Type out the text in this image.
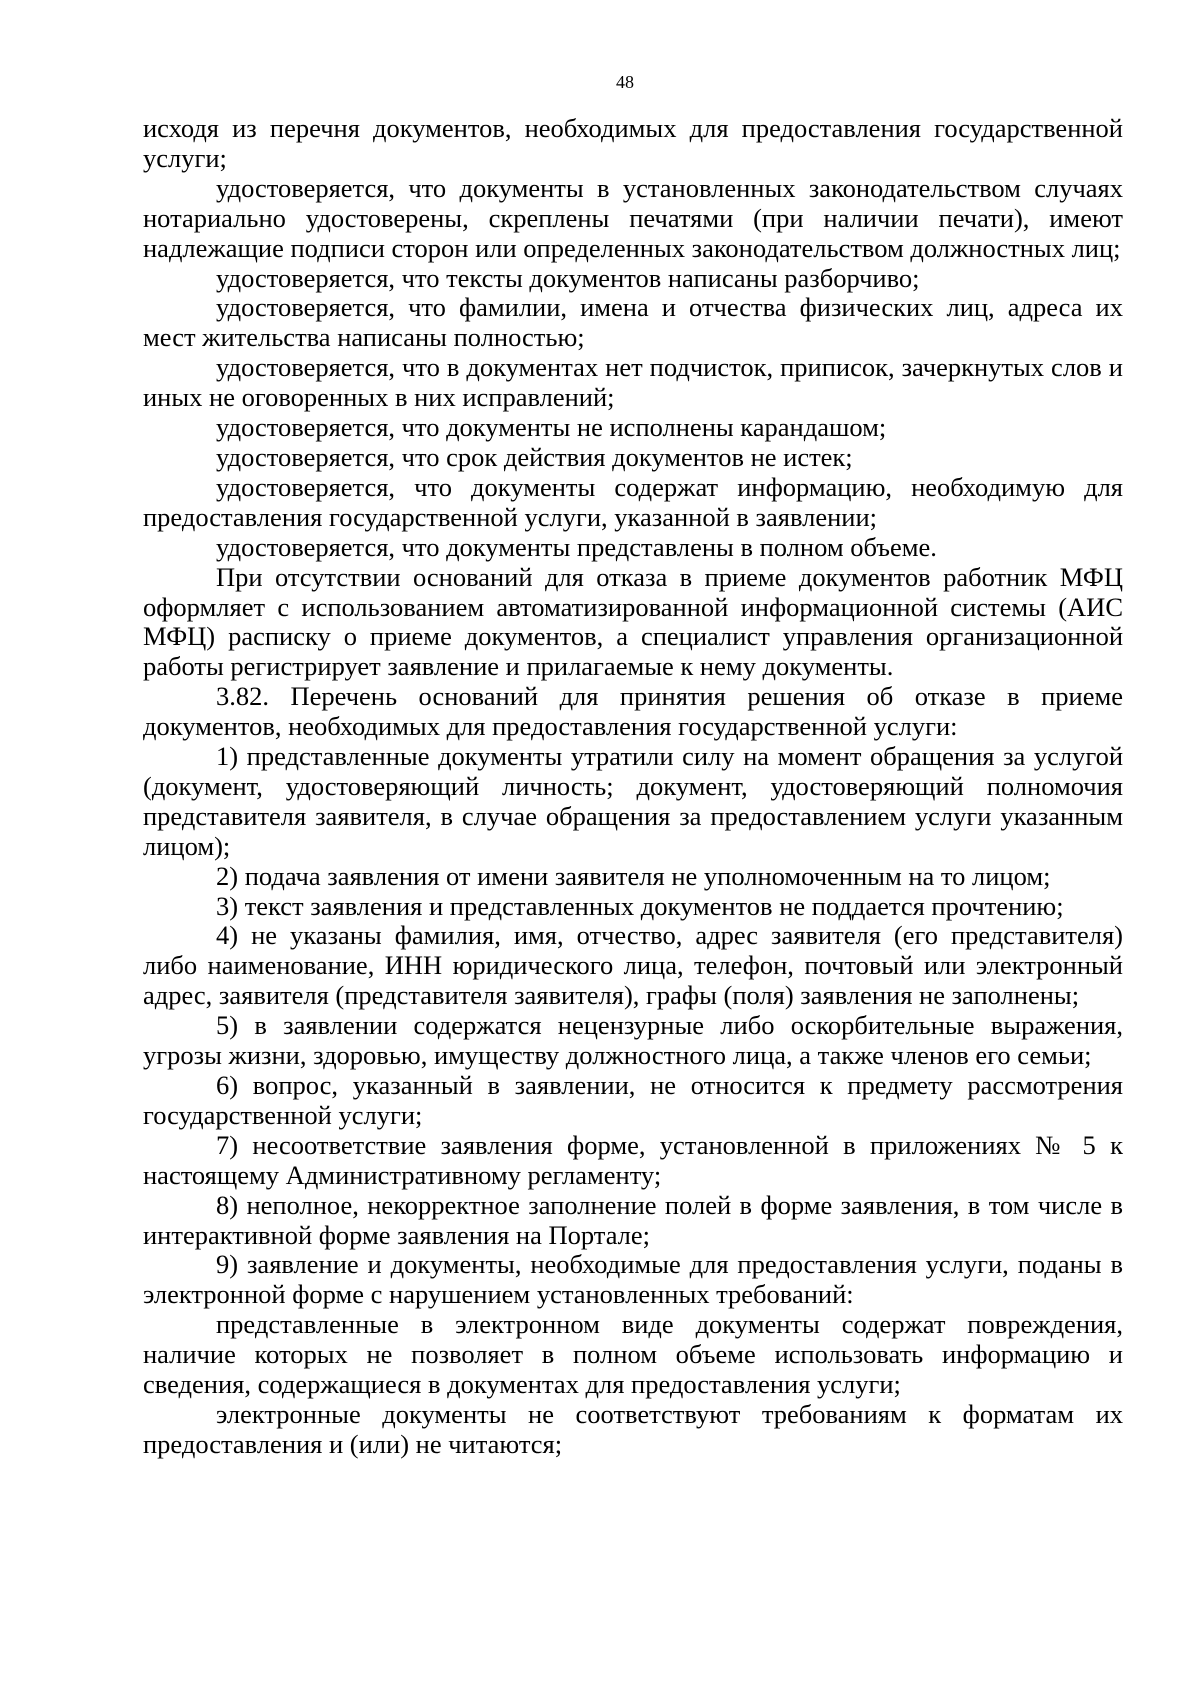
48

исходя из перечня документов, необходимых для предоставления государственной услуги;

удостоверяется, что документы в установленных законодательством случаях нотариально удостоверены, скреплены печатями (при наличии печати), имеют надлежащие подписи сторон или определенных законодательством должностных лиц;

удостоверяется, что тексты документов написаны разборчиво;

удостоверяется, что фамилии, имена и отчества физических лиц, адреса их мест жительства написаны полностью;

удостоверяется, что в документах нет подчисток, приписок, зачеркнутых слов и иных не оговоренных в них исправлений;

удостоверяется, что документы не исполнены карандашом;

удостоверяется, что срок действия документов не истек;

удостоверяется, что документы содержат информацию, необходимую для предоставления государственной услуги, указанной в заявлении;

удостоверяется, что документы представлены в полном объеме.

При отсутствии оснований для отказа в приеме документов работник МФЦ оформляет с использованием автоматизированной информационной системы (АИС МФЦ) расписку о приеме документов, а специалист управления организационной работы регистрирует заявление и прилагаемые к нему документы.

3.82. Перечень оснований для принятия решения об отказе в приеме документов, необходимых для предоставления государственной услуги:

1) представленные документы утратили силу на момент обращения за услугой (документ, удостоверяющий личность; документ, удостоверяющий полномочия представителя заявителя, в случае обращения за предоставлением услуги указанным лицом);

2) подача заявления от имени заявителя не уполномоченным на то лицом;

3) текст заявления и представленных документов не поддается прочтению;

4) не указаны фамилия, имя, отчество, адрес заявителя (его представителя) либо наименование, ИНН юридического лица, телефон, почтовый или электронный адрес, заявителя (представителя заявителя), графы (поля) заявления не заполнены;

5) в заявлении содержатся нецензурные либо оскорбительные выражения, угрозы жизни, здоровью, имуществу должностного лица, а также членов его семьи;

6) вопрос, указанный в заявлении, не относится к предмету рассмотрения государственной услуги;

7) несоответствие заявления форме, установленной в приложениях № 5 к настоящему Административному регламенту;

8) неполное, некорректное заполнение полей в форме заявления, в том числе в интерактивной форме заявления на Портале;

9) заявление и документы, необходимые для предоставления услуги, поданы в электронной форме с нарушением установленных требований:

представленные в электронном виде документы содержат повреждения, наличие которых не позволяет в полном объеме использовать информацию и сведения, содержащиеся в документах для предоставления услуги;

электронные документы не соответствуют требованиям к форматам их предоставления и (или) не читаются;
